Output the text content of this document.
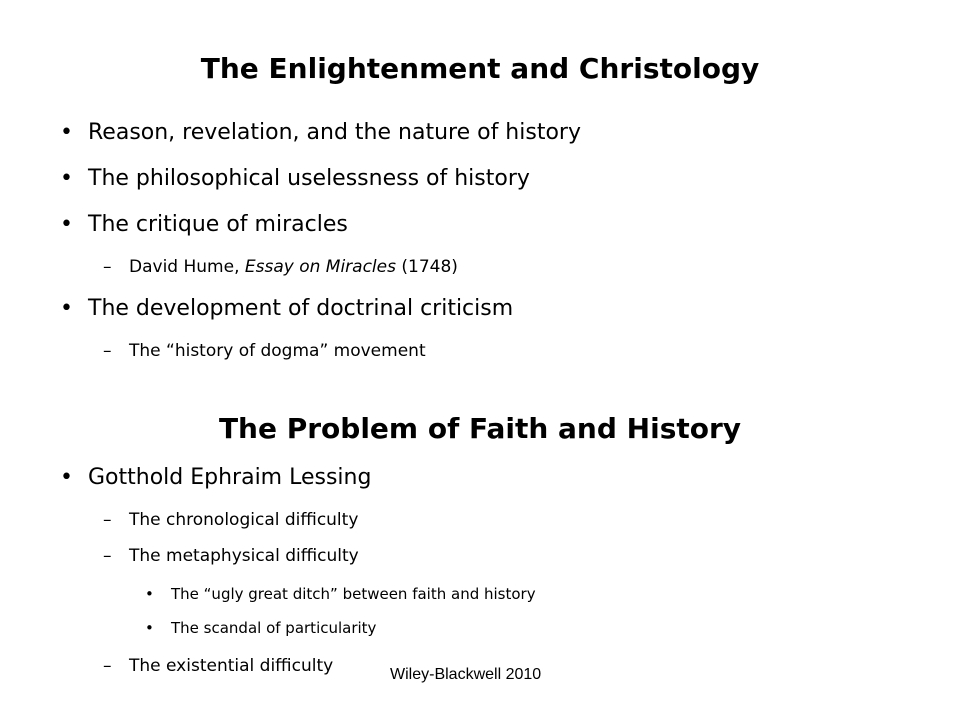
The Enlightenment and Christology
• Reason, revelation, and the nature of history
• The philosophical uselessness of history
• The critique of miracles
– David Hume, Essay on Miracles (1748)
• The development of doctrinal criticism
– The “history of dogma” movement
The Problem of Faith and History
• Gotthold Ephraim Lessing
– The chronological difficulty
– The metaphysical difficulty
• The “ugly great ditch” between faith and history
• The scandal of particularity
– The existential difficulty	Wiley-Blackwell 2010
